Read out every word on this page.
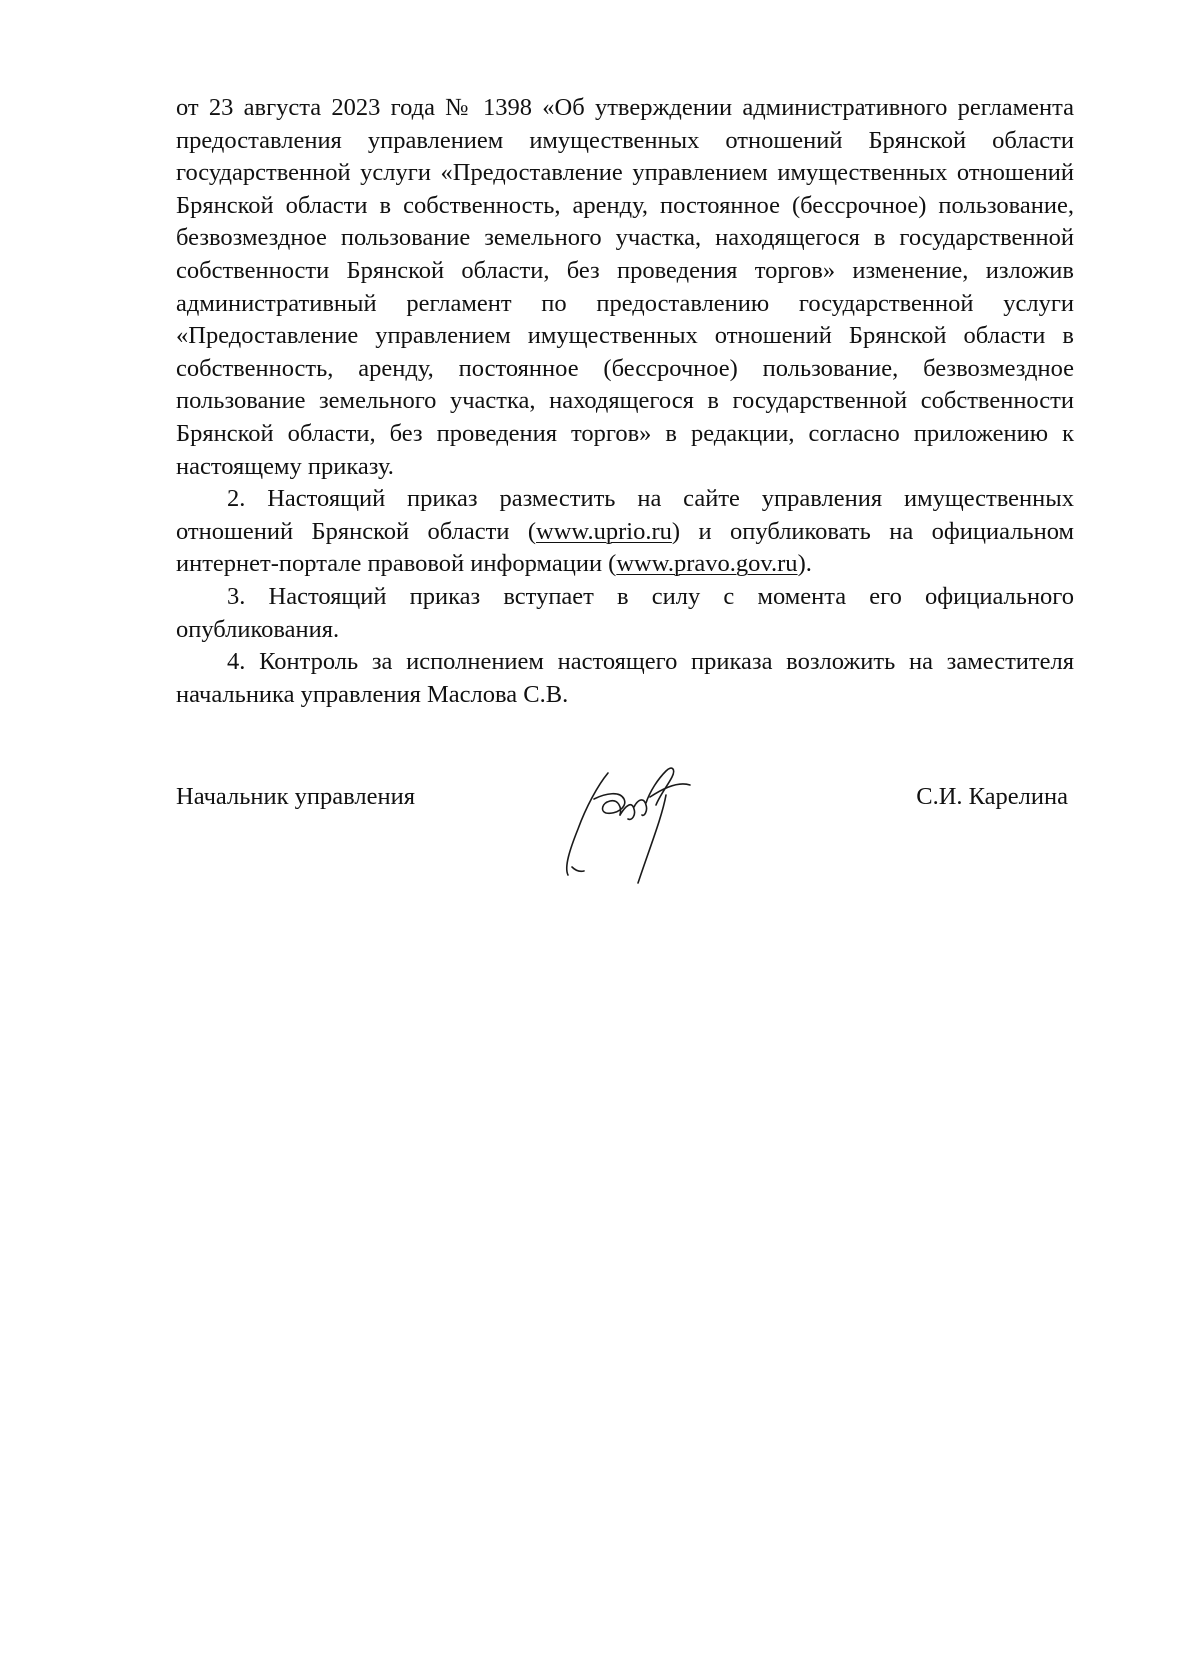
от 23 августа 2023 года № 1398 «Об утверждении административного регламента предоставления управлением имущественных отношений Брянской области государственной услуги «Предоставление управлением имущественных отношений Брянской области в собственность, аренду, постоянное (бессрочное) пользование, безвозмездное пользование земельного участка, находящегося в государственной собственности Брянской области, без проведения торгов» изменение, изложив административный регламент по предоставлению государственной услуги «Предоставление управлением имущественных отношений Брянской области в собственность, аренду, постоянное (бессрочное) пользование, безвозмездное пользование земельного участка, находящегося в государственной собственности Брянской области, без проведения торгов» в редакции, согласно приложению к настоящему приказу.

2. Настоящий приказ разместить на сайте управления имущественных отношений Брянской области (www.uprio.ru) и опубликовать на официальном интернет-портале правовой информации (www.pravo.gov.ru).

3. Настоящий приказ вступает в силу с момента его официального опубликования.

4. Контроль за исполнением настоящего приказа возложить на заместителя начальника управления Маслова С.В.

Начальник управления	С.И. Карелина
